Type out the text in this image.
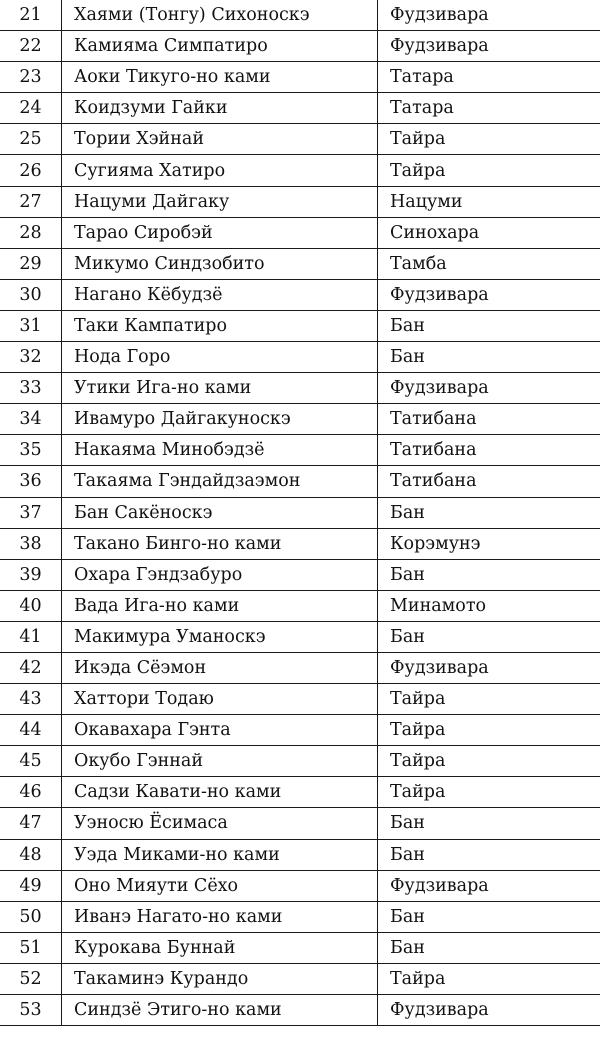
21	Хаями (Тонгу) Сихоноскэ	Фудзивара
22	Камияма Симпатиро	Фудзивара
23	Аоки Тикуго-но ками	Татара
24	Коидзуми Гайки	Татара
25	Тории Хэйнай	Тайра
26	Сугияма Хатиро	Тайра
27	Нацуми Дайгаку	Нацуми
28	Тарао Сиробэй	Синохара
29	Микумо Синдзобито	Тамба
30	Нагано Кёбудзё	Фудзивара
31	Таки Кампатиро	Бан
32	Нода Горо	Бан
33	Утики Ига-но ками	Фудзивара
34	Ивамуро Дайгакуноскэ	Татибана
35	Накаяма Минобэдзё	Татибана
36	Такаяма Гэндайдзаэмон	Татибана
37	Бан Сакёноскэ	Бан
38	Такано Бинго-но ками	Корэмунэ
39	Охара Гэндзабуро	Бан
40	Вада Ига-но ками	Минамото
41	Макимура Уманоскэ	Бан
42	Икэда Сёэмон	Фудзивара
43	Хаттори Тодаю	Тайра
44	Окавахара Гэнта	Тайра
45	Окубо Гэннай	Тайра
46	Садзи Кавати-но ками	Тайра
47	Уэносю Ёсимаса	Бан
48	Уэда Миками-но ками	Бан
49	Оно Мияути Сёхо	Фудзивара
50	Иванэ Нагато-но ками	Бан
51	Курокава Буннай	Бан
52	Такаминэ Курандо	Тайра
53	Синдзё Этиго-но ками	Фудзивара
